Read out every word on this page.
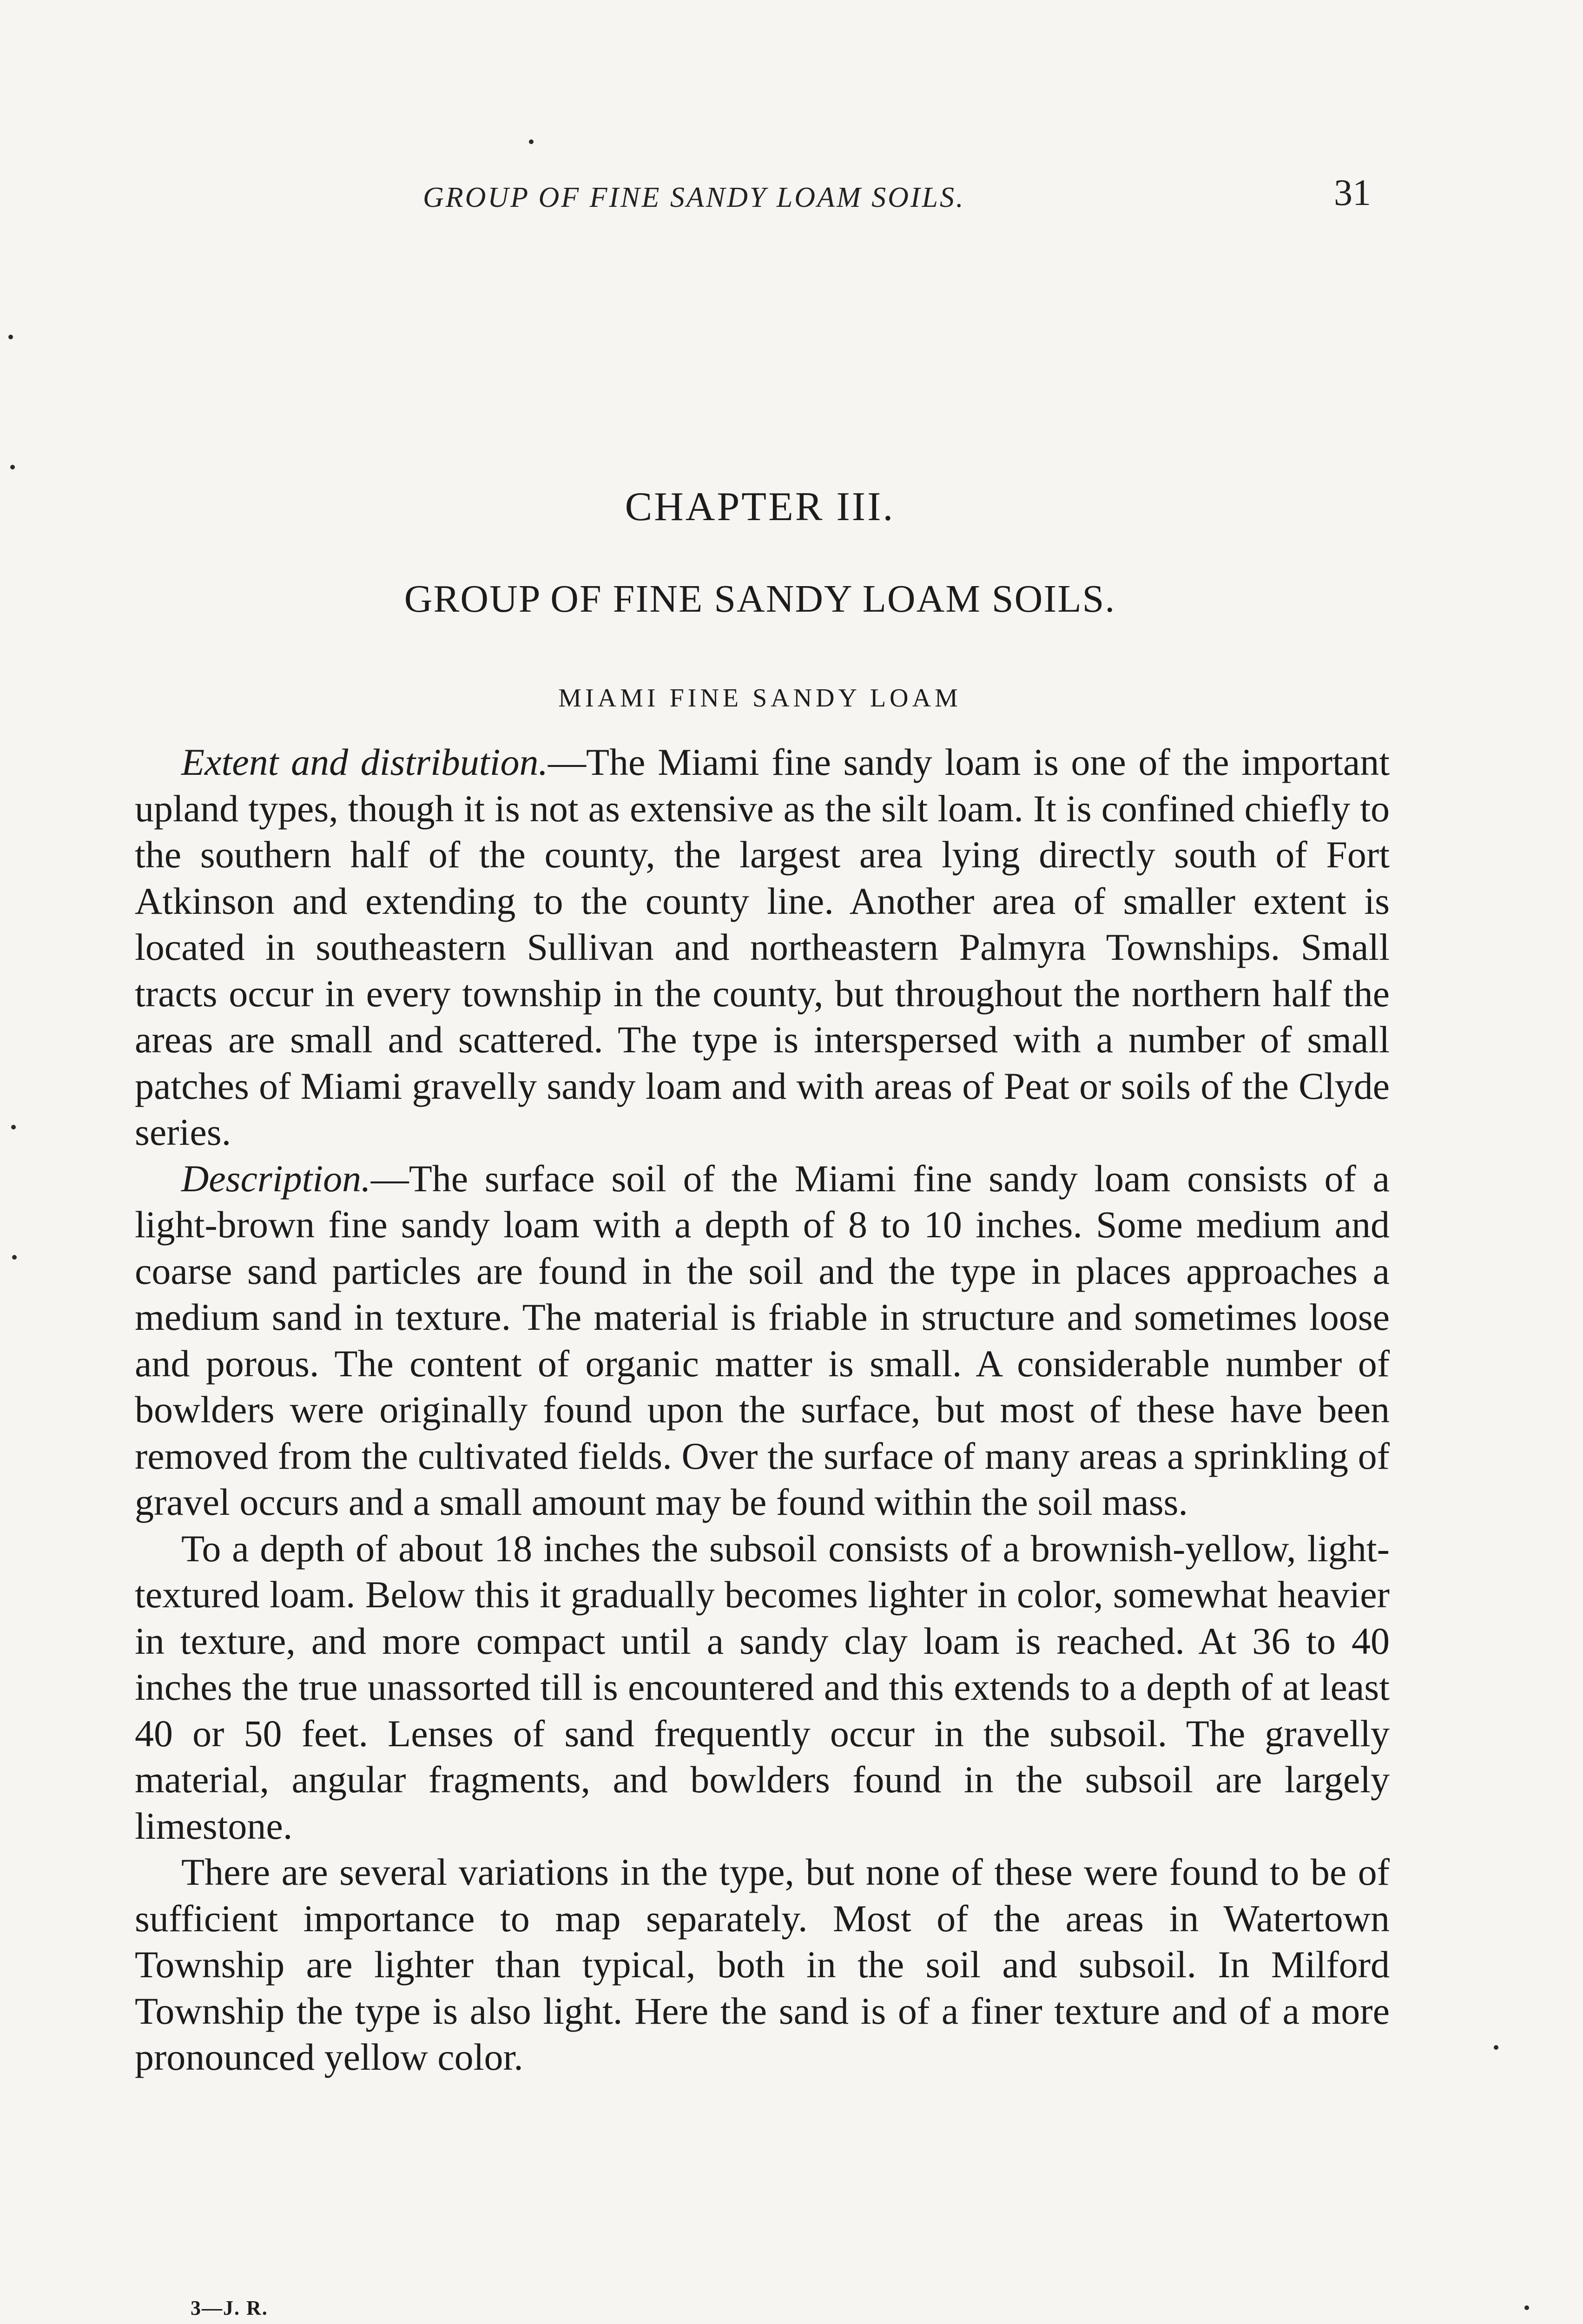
GROUP OF FINE SANDY LOAM SOILS.	31
CHAPTER III.
GROUP OF FINE SANDY LOAM SOILS.
MIAMI FINE SANDY LOAM

Extent and distribution.—The Miami fine sandy loam is one of the important upland types, though it is not as extensive as the silt loam. It is confined chiefly to the southern half of the county, the largest area lying directly south of Fort Atkinson and extending to the county line. Another area of smaller extent is located in southeastern Sullivan and northeastern Palmyra Townships. Small tracts occur in every township in the county, but throughout the northern half the areas are small and scattered. The type is interspersed with a number of small patches of Miami gravelly sandy loam and with areas of Peat or soils of the Clyde series.

Description.—The surface soil of the Miami fine sandy loam consists of a light-brown fine sandy loam with a depth of 8 to 10 inches. Some medium and coarse sand particles are found in the soil and the type in places approaches a medium sand in texture. The material is friable in structure and sometimes loose and porous. The content of organic matter is small. A considerable number of bowlders were originally found upon the surface, but most of these have been removed from the cultivated fields. Over the surface of many areas a sprinkling of gravel occurs and a small amount may be found within the soil mass.

To a depth of about 18 inches the subsoil consists of a brownish-yellow, light-textured loam. Below this it gradually becomes lighter in color, somewhat heavier in texture, and more compact until a sandy clay loam is reached. At 36 to 40 inches the true unassorted till is encountered and this extends to a depth of at least 40 or 50 feet. Lenses of sand frequently occur in the subsoil. The gravelly material, angular fragments, and bowlders found in the subsoil are largely limestone.

There are several variations in the type, but none of these were found to be of sufficient importance to map separately. Most of the areas in Watertown Township are lighter than typical, both in the soil and subsoil. In Milford Township the type is also light. Here the sand is of a finer texture and of a more pronounced yellow color.

3—J. R.
